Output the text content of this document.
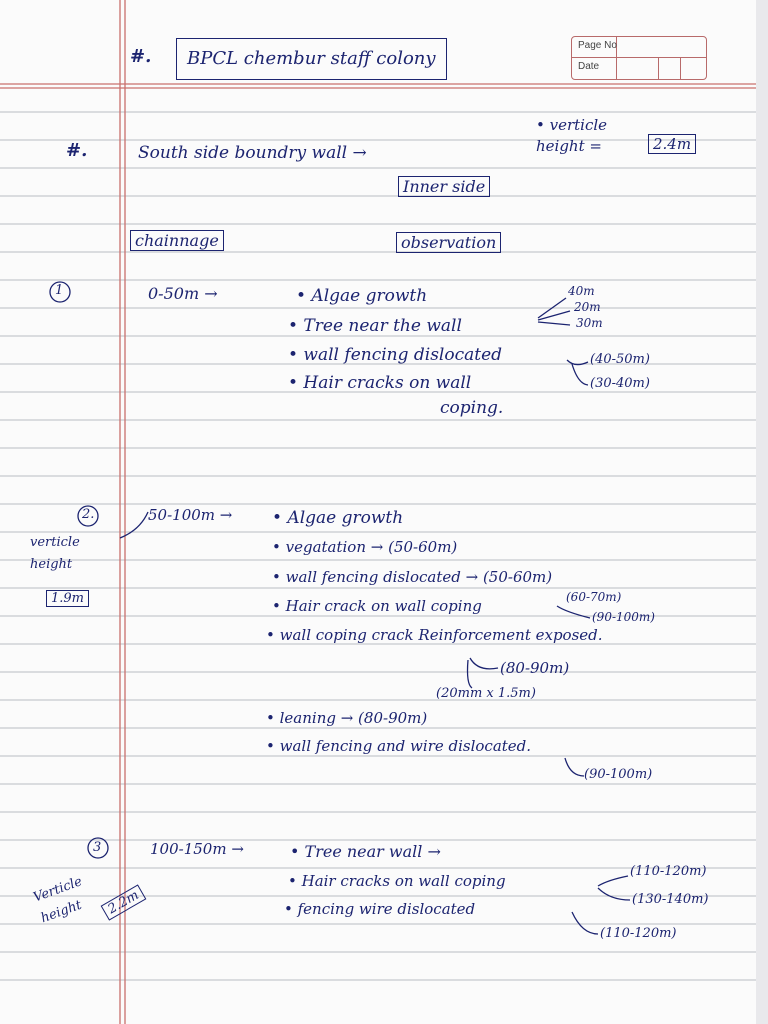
#.	BPCL chembur staff colony
Page No
Date
#.	South side boundry wall →
• verticle height =	2.4m
Inner side
chainnage	observation
1	0-50m →	• Algae growth
• Tree near the wall
• wall fencing dislocated
• Hair cracks on wall
coping.
40m
20m
30m
(40-50m)
(30-40m)
2.	50-100m →
verticle height
1.9m
• Algae growth
• vegatation → (50-60m)
• wall fencing dislocated → (50-60m)
• Hair crack on wall coping
• wall coping crack Reinforcement exposed.
• leaning → (80-90m)
• wall fencing and wire dislocated.
(60-70m)
(90-100m)
(80-90m)
(20mm x 1.5m)
(90-100m)
3	100-150m →
Verticle height	2.2m
• Tree near wall →
• Hair cracks on wall coping
• fencing wire dislocated
(110-120m)
(130-140m)
(110-120m)
